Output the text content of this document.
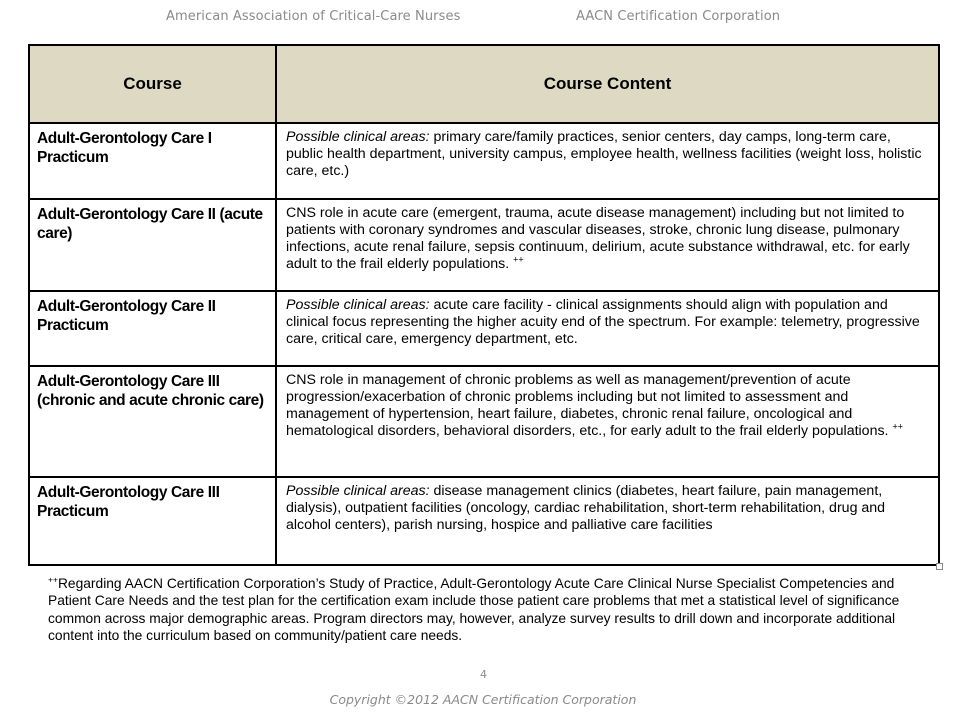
American Association of Critical-Care Nurses	AACN Certification Corporation
Course	Course Content
Adult-Gerontology Care I Practicum	Possible clinical areas: primary care/family practices, senior centers, day camps, long-term care, public health department, university campus, employee health, wellness facilities (weight loss, holistic care, etc.)
Adult-Gerontology Care II (acute care)	CNS role in acute care (emergent, trauma, acute disease management) including but not limited to patients with coronary syndromes and vascular diseases, stroke, chronic lung disease, pulmonary infections, acute renal failure, sepsis continuum, delirium, acute substance withdrawal, etc. for early adult to the frail elderly populations. ++
Adult-Gerontology Care II Practicum	Possible clinical areas: acute care facility - clinical assignments should align with population and clinical focus representing the higher acuity end of the spectrum. For example: telemetry, progressive care, critical care, emergency department, etc.
Adult-Gerontology Care III (chronic and acute chronic care)	CNS role in management of chronic problems as well as management/prevention of acute progression/exacerbation of chronic problems including but not limited to assessment and management of hypertension, heart failure, diabetes, chronic renal failure, oncological and hematological disorders, behavioral disorders, etc., for early adult to the frail elderly populations. ++
Adult-Gerontology Care III Practicum	Possible clinical areas: disease management clinics (diabetes, heart failure, pain management, dialysis), outpatient facilities (oncology, cardiac rehabilitation, short-term rehabilitation, drug and alcohol centers), parish nursing, hospice and palliative care facilities
++Regarding AACN Certification Corporation’s Study of Practice, Adult-Gerontology Acute Care Clinical Nurse Specialist Competencies and Patient Care Needs and the test plan for the certification exam include those patient care problems that met a statistical level of significance common across major demographic areas. Program directors may, however, analyze survey results to drill down and incorporate additional content into the curriculum based on community/patient care needs.
4
Copyright ©2012 AACN Certification Corporation
